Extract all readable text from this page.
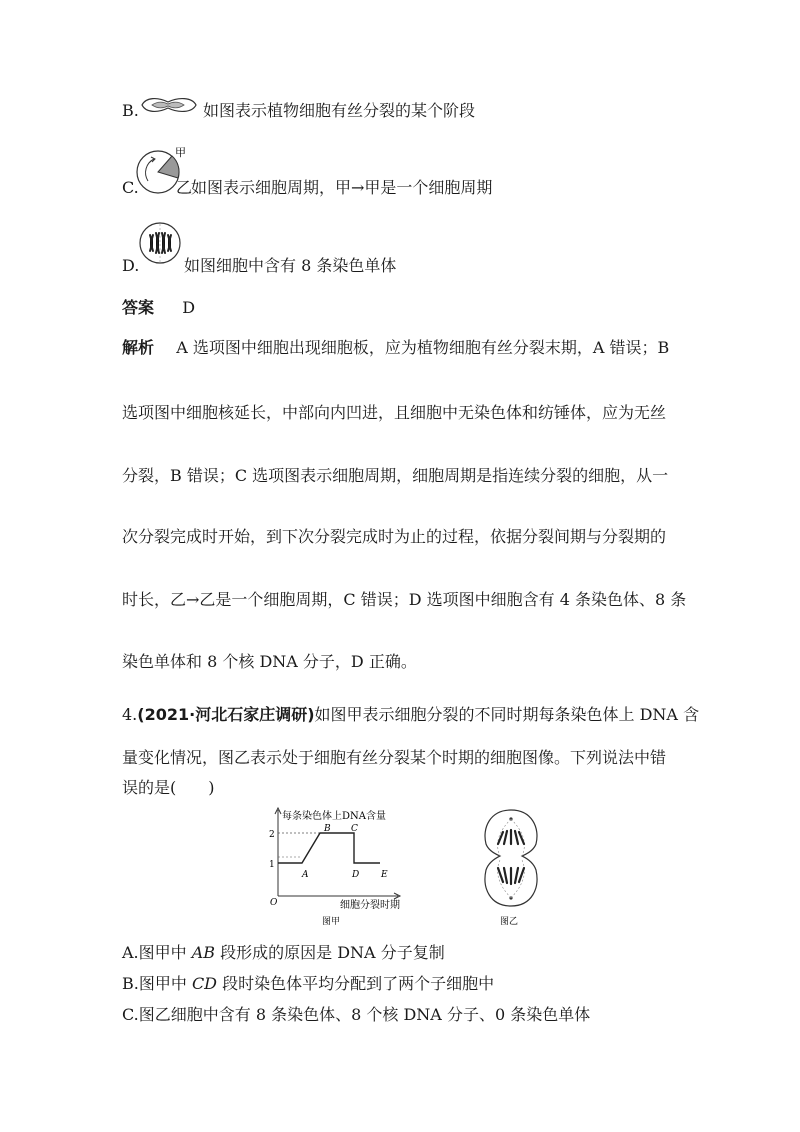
B.	如图表示植物细胞有丝分裂的某个阶段
C.
甲
乙
如图表示细胞周期，甲→甲是一个细胞周期
D.	如图细胞中含有 8 条染色单体
答案 D
解析 A 选项图中细胞出现细胞板，应为植物细胞有丝分裂末期，A 错误；B
选项图中细胞核延长，中部向内凹进，且细胞中无染色体和纺锤体，应为无丝
分裂，B 错误；C 选项图表示细胞周期，细胞周期是指连续分裂的细胞，从一
次分裂完成时开始，到下次分裂完成时为止的过程，依据分裂间期与分裂期的
时长，乙→乙是一个细胞周期，C 错误；D 选项图中细胞含有 4 条染色体、8 条
染色单体和 8 个核 DNA 分子，D 正确。
4.(2021·河北石家庄调研)如图甲表示细胞分裂的不同时期每条染色体上 DNA 含
量变化情况，图乙表示处于细胞有丝分裂某个时期的细胞图像。下列说法中错
误的是(　　)
每条染色体上DNA含量
2
1
O
A
B C
D E
细胞分裂时期
图甲	图乙
A.图甲中 AB 段形成的原因是 DNA 分子复制
B.图甲中 CD 段时染色体平均分配到了两个子细胞中
C.图乙细胞中含有 8 条染色体、8 个核 DNA 分子、0 条染色单体
